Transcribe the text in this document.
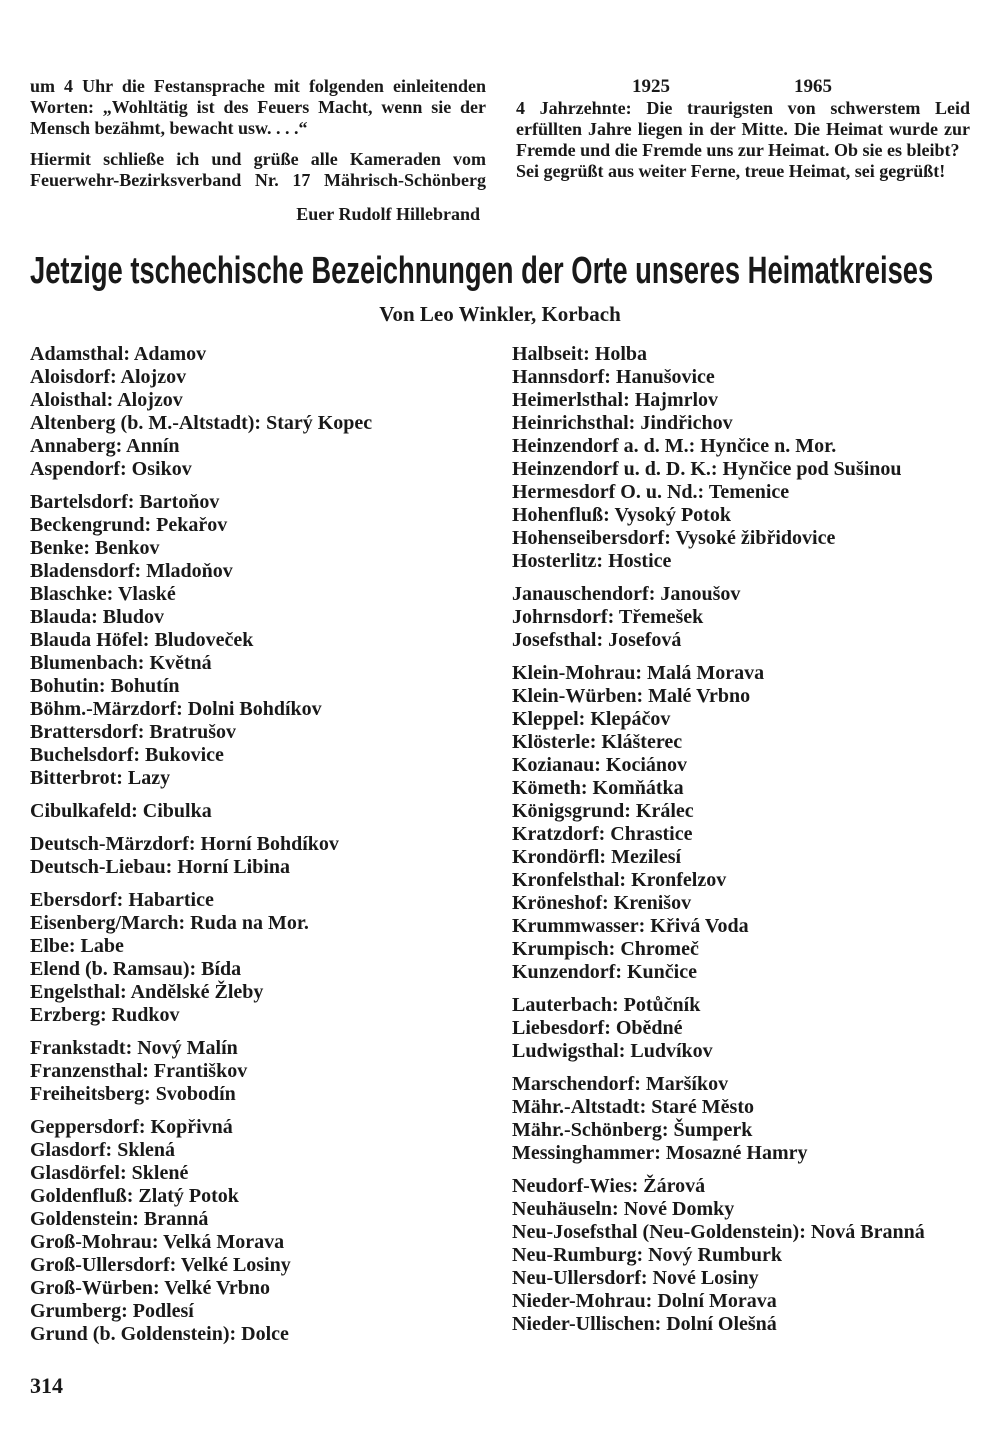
um 4 Uhr die Festansprache mit folgenden einleitenden Worten: „Wohltätig ist des Feuers Macht, wenn sie der Mensch bezähmt, bewacht usw. . . .“

Hiermit schließe ich und grüße alle Kameraden vom Feuerwehr-Bezirksverband Nr. 17 Mährisch-Schönberg

Euer Rudolf Hillebrand

1925	1965

4 Jahrzehnte: Die traurigsten von schwerstem Leid erfüllten Jahre liegen in der Mitte. Die Heimat wurde zur Fremde und die Fremde uns zur Heimat. Ob sie es bleibt?

Sei gegrüßt aus weiter Ferne, treue Heimat, sei gegrüßt!

Jetzige tschechische Bezeichnungen der Orte unseres Heimatkreises
Von Leo Winkler, Korbach
Adamsthal: Adamov
Aloisdorf: Alojzov
Aloisthal: Alojzov
Altenberg (b. M.-Altstadt): Starý Kopec
Annaberg: Annín
Aspendorf: Osikov
Bartelsdorf: Bartoňov
Beckengrund: Pekařov
Benke: Benkov
Bladensdorf: Mladoňov
Blaschke: Vlaské
Blauda: Bludov
Blauda Höfel: Bludoveček
Blumenbach: Květná
Bohutin: Bohutín
Böhm.-Märzdorf: Dolni Bohdíkov
Brattersdorf: Bratrušov
Buchelsdorf: Bukovice
Bitterbrot: Lazy
Cibulkafeld: Cibulka
Deutsch-Märzdorf: Horní Bohdíkov
Deutsch-Liebau: Horní Libina
Ebersdorf: Habartice
Eisenberg/March: Ruda na Mor.
Elbe: Labe
Elend (b. Ramsau): Bída
Engelsthal: Andělské Žleby
Erzberg: Rudkov
Frankstadt: Nový Malín
Franzensthal: Františkov
Freiheitsberg: Svobodín
Geppersdorf: Kopřivná
Glasdorf: Sklená
Glasdörfel: Sklené
Goldenfluß: Zlatý Potok
Goldenstein: Branná
Groß-Mohrau: Velká Morava
Groß-Ullersdorf: Velké Losiny
Groß-Würben: Velké Vrbno
Grumberg: Podlesí
Grund (b. Goldenstein): Dolce
Halbseit: Holba
Hannsdorf: Hanušovice
Heimerlsthal: Hajmrlov
Heinrichsthal: Jindřichov
Heinzendorf a. d. M.: Hynčice n. Mor.
Heinzendorf u. d. D. K.: Hynčice pod Sušinou
Hermesdorf O. u. Nd.: Temenice
Hohenfluß: Vysoký Potok
Hohenseibersdorf: Vysoké žibřidovice
Hosterlitz: Hostice
Janauschendorf: Janoušov
Johrnsdorf: Třemešek
Josefsthal: Josefová
Klein-Mohrau: Malá Morava
Klein-Würben: Malé Vrbno
Kleppel: Klepáčov
Klösterle: Klášterec
Kozianau: Kociánov
Kömeth: Komňátka
Königsgrund: Králec
Kratzdorf: Chrastice
Krondörfl: Mezilesí
Kronfelsthal: Kronfelzov
Kröneshof: Krenišov
Krummwasser: Křivá Voda
Krumpisch: Chromeč
Kunzendorf: Kunčice
Lauterbach: Potůčník
Liebesdorf: Obědné
Ludwigsthal: Ludvíkov
Marschendorf: Maršíkov
Mähr.-Altstadt: Staré Město
Mähr.-Schönberg: Šumperk
Messinghammer: Mosazné Hamry
Neudorf-Wies: Žárová
Neuhäuseln: Nové Domky
Neu-Josefsthal (Neu-Goldenstein): Nová Branná
Neu-Rumburg: Nový Rumburk
Neu-Ullersdorf: Nové Losiny
Nieder-Mohrau: Dolní Morava
Nieder-Ullischen: Dolní Olešná
314
